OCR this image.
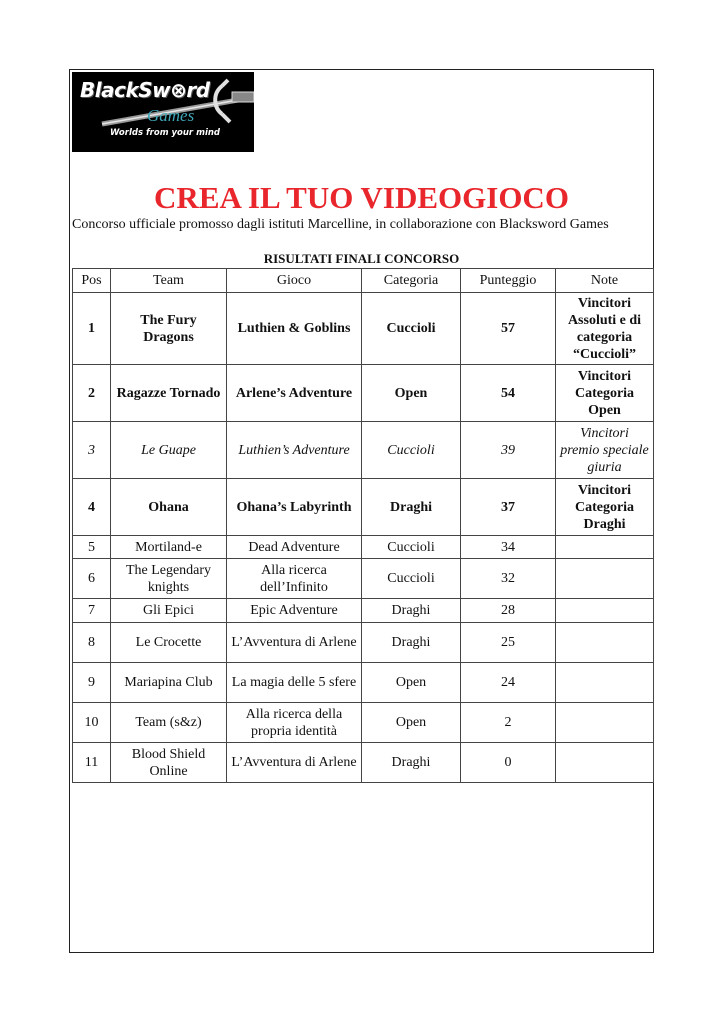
BlackSw⊗rd
Games
Worlds from your mind
CREA IL TUO VIDEOGIOCO
Concorso ufficiale promosso dagli istituti Marcelline, in collaborazione con Blacksword Games
RISULTATI FINALI CONCORSO
Pos	Team	Gioco	Categoria	Punteggio	Note
1	The Fury Dragons	Luthien & Goblins	Cuccioli	57	Vincitori Assoluti e di categoria “Cuccioli”
2	Ragazze Tornado	Arlene’s Adventure	Open	54	Vincitori Categoria Open
3	Le Guape	Luthien’s Adventure	Cuccioli	39	Vincitori premio speciale giuria
4	Ohana	Ohana’s Labyrinth	Draghi	37	Vincitori Categoria Draghi
5	Mortiland-e	Dead Adventure	Cuccioli	34	
6	The Legendary knights	Alla ricerca dell’Infinito	Cuccioli	32	
7	Gli Epici	Epic Adventure	Draghi	28	
8	Le Crocette	L’Avventura di Arlene	Draghi	25	
9	Mariapina Club	La magia delle 5 sfere	Open	24	
10	Team (s&z)	Alla ricerca della propria identità	Open	2	
11	Blood Shield Online	L’Avventura di Arlene	Draghi	0	
